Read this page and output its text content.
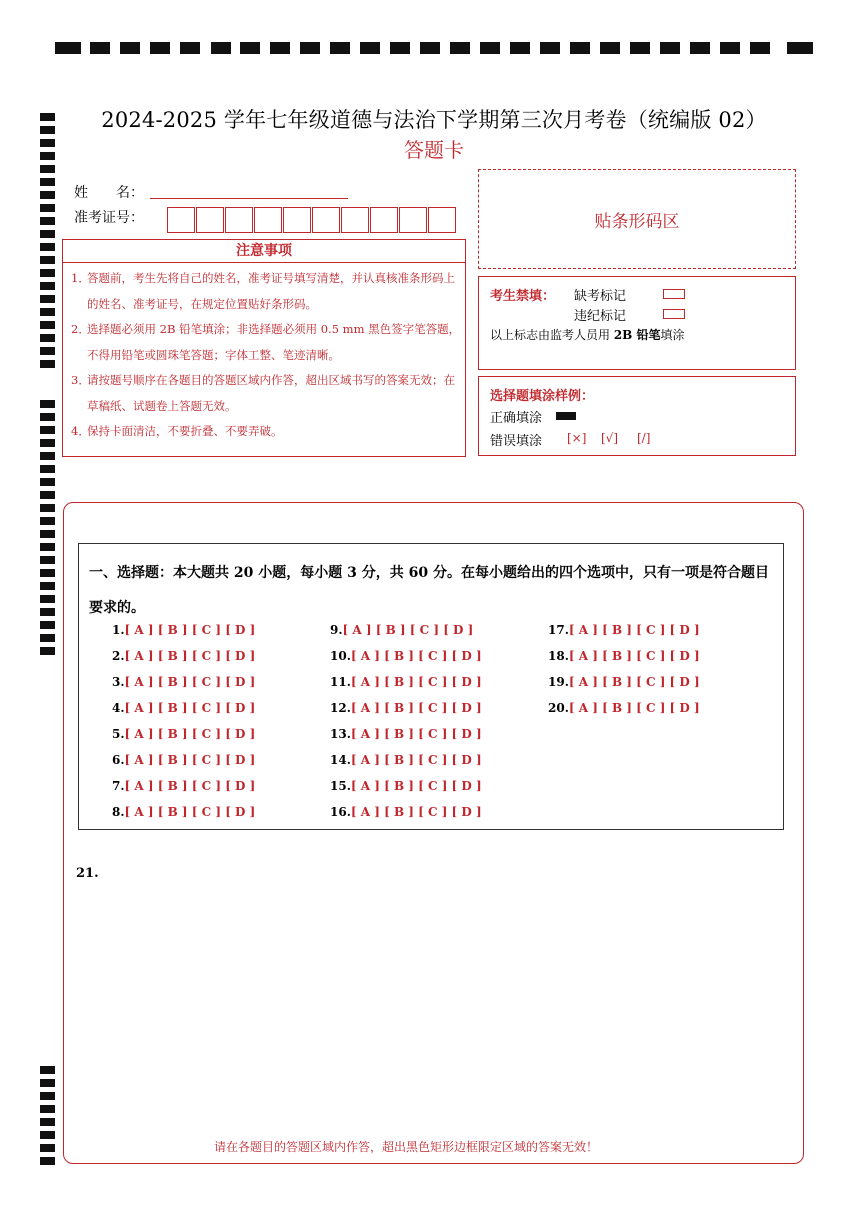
2024-2025 学年七年级道德与法治下学期第三次月考卷（统编版 02）
答题卡
姓　　名：
准考证号：	贴条形码区
注意事项
1．
答题前，考生先将自己的姓名，准考证号填写清楚，并认真核准条形码上的姓名、准考证号，在规定位置贴好条形码。
2．
选择题必须用 2B 铅笔填涂；非选择题必须用 0.5 mm 黑色签字笔答题，不得用铅笔或圆珠笔答题；字体工整、笔迹清晰。
3．
请按题号顺序在各题目的答题区域内作答，超出区域书写的答案无效；在草稿纸、试题卷上答题无效。
4．
保持卡面清洁，不要折叠、不要弄破。
考生禁填： 缺考标记
违纪标记
以上标志由监考人员用 2B 铅笔填涂
选择题填涂样例：
正确填涂
错误填涂 [×] [√] [/]
一、选择题：本大题共 20 小题，每小题 3 分，共 60 分。在每小题给出的四个选项中，只有一项是符合题目要求的。
1.[ A ] [ B ] [ C ] [ D ]
2.[ A ] [ B ] [ C ] [ D ]
3.[ A ] [ B ] [ C ] [ D ]
4.[ A ] [ B ] [ C ] [ D ]
5.[ A ] [ B ] [ C ] [ D ]
6.[ A ] [ B ] [ C ] [ D ]
7.[ A ] [ B ] [ C ] [ D ]
8.[ A ] [ B ] [ C ] [ D ]
9.[ A ] [ B ] [ C ] [ D ]
10.[ A ] [ B ] [ C ] [ D ]
11.[ A ] [ B ] [ C ] [ D ]
12.[ A ] [ B ] [ C ] [ D ]
13.[ A ] [ B ] [ C ] [ D ]
14.[ A ] [ B ] [ C ] [ D ]
15.[ A ] [ B ] [ C ] [ D ]
16.[ A ] [ B ] [ C ] [ D ]
17.[ A ] [ B ] [ C ] [ D ]
18.[ A ] [ B ] [ C ] [ D ]
19.[ A ] [ B ] [ C ] [ D ]
20.[ A ] [ B ] [ C ] [ D ]
21.
请在各题目的答题区域内作答，超出黑色矩形边框限定区域的答案无效！
